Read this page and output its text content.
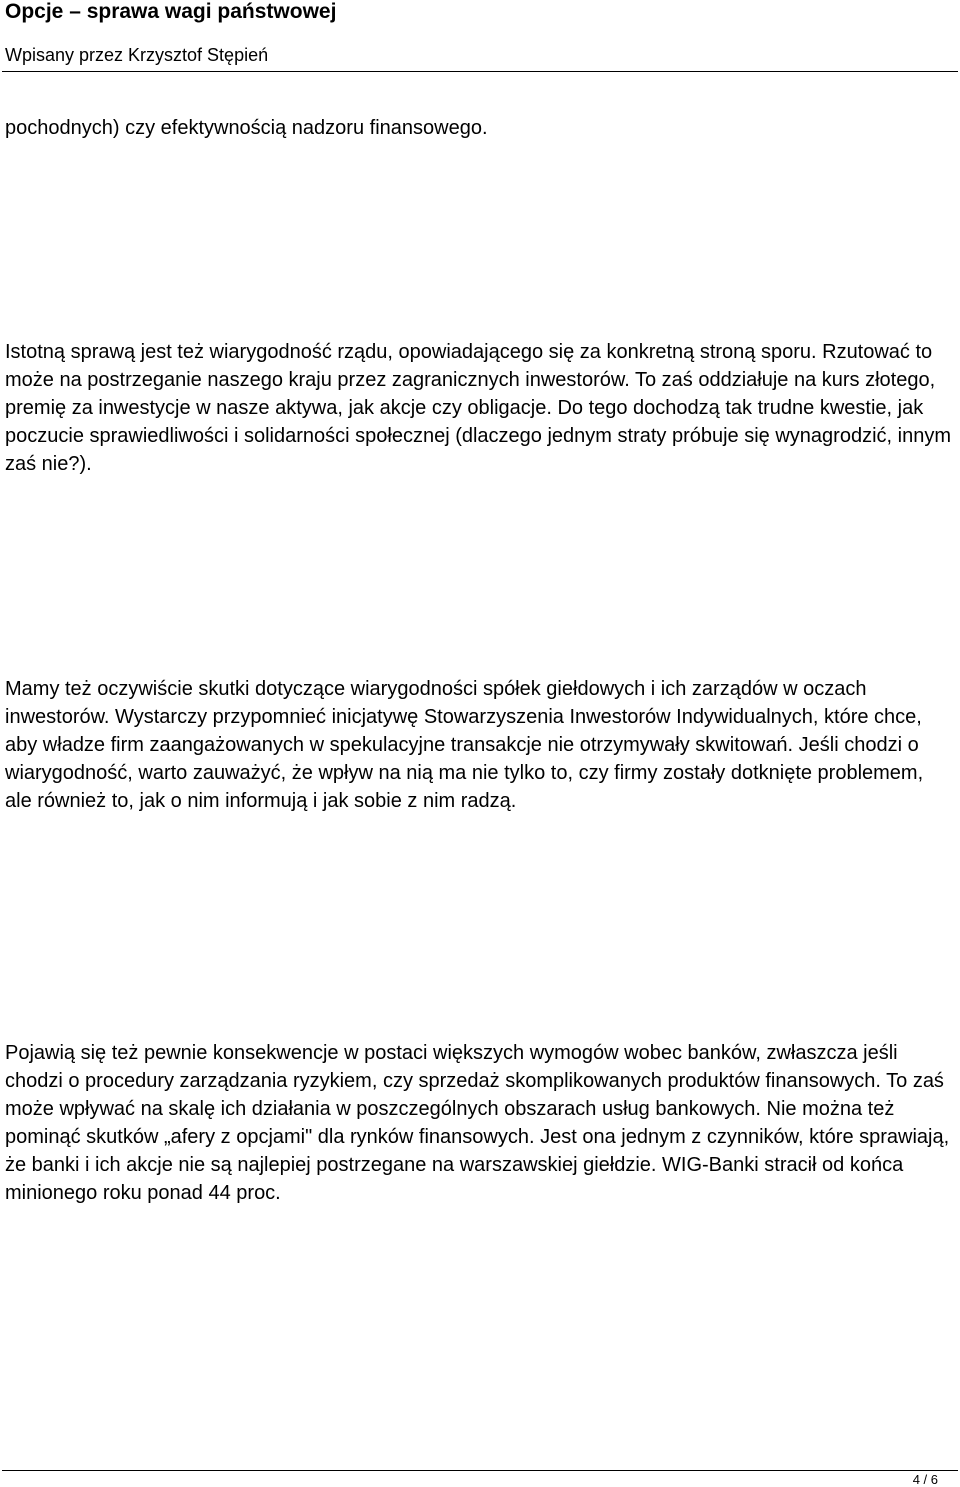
Opcje – sprawa wagi państwowej
Wpisany przez Krzysztof Stępień

pochodnych) czy efektywnością nadzoru finansowego.

Istotną sprawą jest też wiarygodność rządu, opowiadającego się za konkretną stroną sporu. Rzutować to może na postrzeganie naszego kraju przez zagranicznych inwestorów. To zaś oddziałuje na kurs złotego, premię za inwestycje w nasze aktywa, jak akcje czy obligacje. Do tego dochodzą tak trudne kwestie, jak poczucie sprawiedliwości i solidarności społecznej (dlaczego jednym straty próbuje się wynagrodzić, innym zaś nie?).

Mamy też oczywiście skutki dotyczące wiarygodności spółek giełdowych i ich zarządów w oczach inwestorów. Wystarczy przypomnieć inicjatywę Stowarzyszenia Inwestorów Indywidualnych, które chce, aby władze firm zaangażowanych w spekulacyjne transakcje nie otrzymywały skwitowań. Jeśli chodzi o wiarygodność, warto zauważyć, że wpływ na nią ma nie tylko to, czy firmy zostały dotknięte problemem, ale również to, jak o nim informują i jak sobie z nim radzą.

Pojawią się też pewnie konsekwencje w postaci większych wymogów wobec banków, zwłaszcza jeśli chodzi o procedury zarządzania ryzykiem, czy sprzedaż skomplikowanych produktów finansowych. To zaś może wpływać na skalę ich działania w poszczególnych obszarach usług bankowych. Nie można też pominąć skutków „afery z opcjami" dla rynków finansowych. Jest ona jednym z czynników, które sprawiają, że banki i ich akcje nie są najlepiej postrzegane na warszawskiej giełdzie. WIG-Banki stracił od końca minionego roku ponad 44 proc.

4 / 6
